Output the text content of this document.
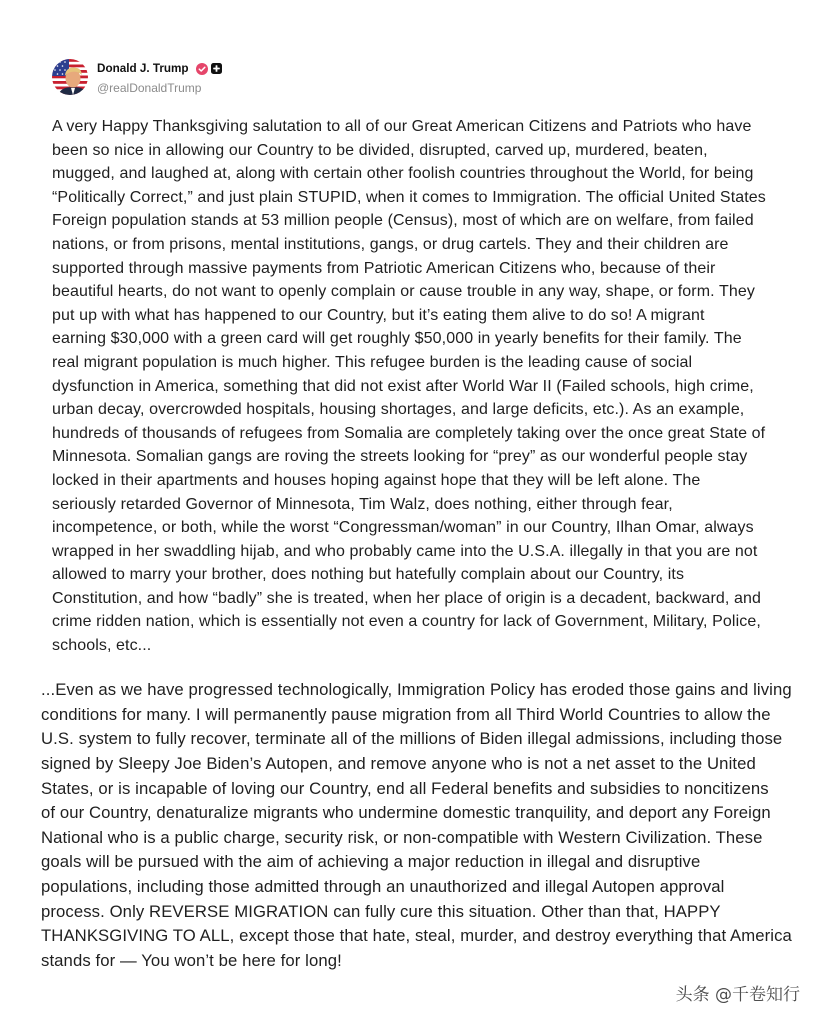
Donald J. Trump
@realDonaldTrump
A very Happy Thanksgiving salutation to all of our Great American Citizens and Patriots who have
been so nice in allowing our Country to be divided, disrupted, carved up, murdered, beaten,
mugged, and laughed at, along with certain other foolish countries throughout the World, for being
“Politically Correct,” and just plain STUPID, when it comes to Immigration. The official United States
Foreign population stands at 53 million people (Census), most of which are on welfare, from failed
nations, or from prisons, mental institutions, gangs, or drug cartels. They and their children are
supported through massive payments from Patriotic American Citizens who, because of their
beautiful hearts, do not want to openly complain or cause trouble in any way, shape, or form. They
put up with what has happened to our Country, but it’s eating them alive to do so! A migrant
earning $30,000 with a green card will get roughly $50,000 in yearly benefits for their family. The
real migrant population is much higher. This refugee burden is the leading cause of social
dysfunction in America, something that did not exist after World War II (Failed schools, high crime,
urban decay, overcrowded hospitals, housing shortages, and large deficits, etc.). As an example,
hundreds of thousands of refugees from Somalia are completely taking over the once great State of
Minnesota. Somalian gangs are roving the streets looking for “prey” as our wonderful people stay
locked in their apartments and houses hoping against hope that they will be left alone. The
seriously retarded Governor of Minnesota, Tim Walz, does nothing, either through fear,
incompetence, or both, while the worst “Congressman/woman” in our Country, Ilhan Omar, always
wrapped in her swaddling hijab, and who probably came into the U.S.A. illegally in that you are not
allowed to marry your brother, does nothing but hatefully complain about our Country, its
Constitution, and how “badly” she is treated, when her place of origin is a decadent, backward, and
crime ridden nation, which is essentially not even a country for lack of Government, Military, Police,
schools, etc...
...Even as we have progressed technologically, Immigration Policy has eroded those gains and living
conditions for many. I will permanently pause migration from all Third World Countries to allow the
U.S. system to fully recover, terminate all of the millions of Biden illegal admissions, including those
signed by Sleepy Joe Biden’s Autopen, and remove anyone who is not a net asset to the United
States, or is incapable of loving our Country, end all Federal benefits and subsidies to noncitizens
of our Country, denaturalize migrants who undermine domestic tranquility, and deport any Foreign
National who is a public charge, security risk, or non-compatible with Western Civilization. These
goals will be pursued with the aim of achieving a major reduction in illegal and disruptive
populations, including those admitted through an unauthorized and illegal Autopen approval
process. Only REVERSE MIGRATION can fully cure this situation. Other than that, HAPPY
THANKSGIVING TO ALL, except those that hate, steal, murder, and destroy everything that America
stands for — You won’t be here for long!
头条 @千卷知行
